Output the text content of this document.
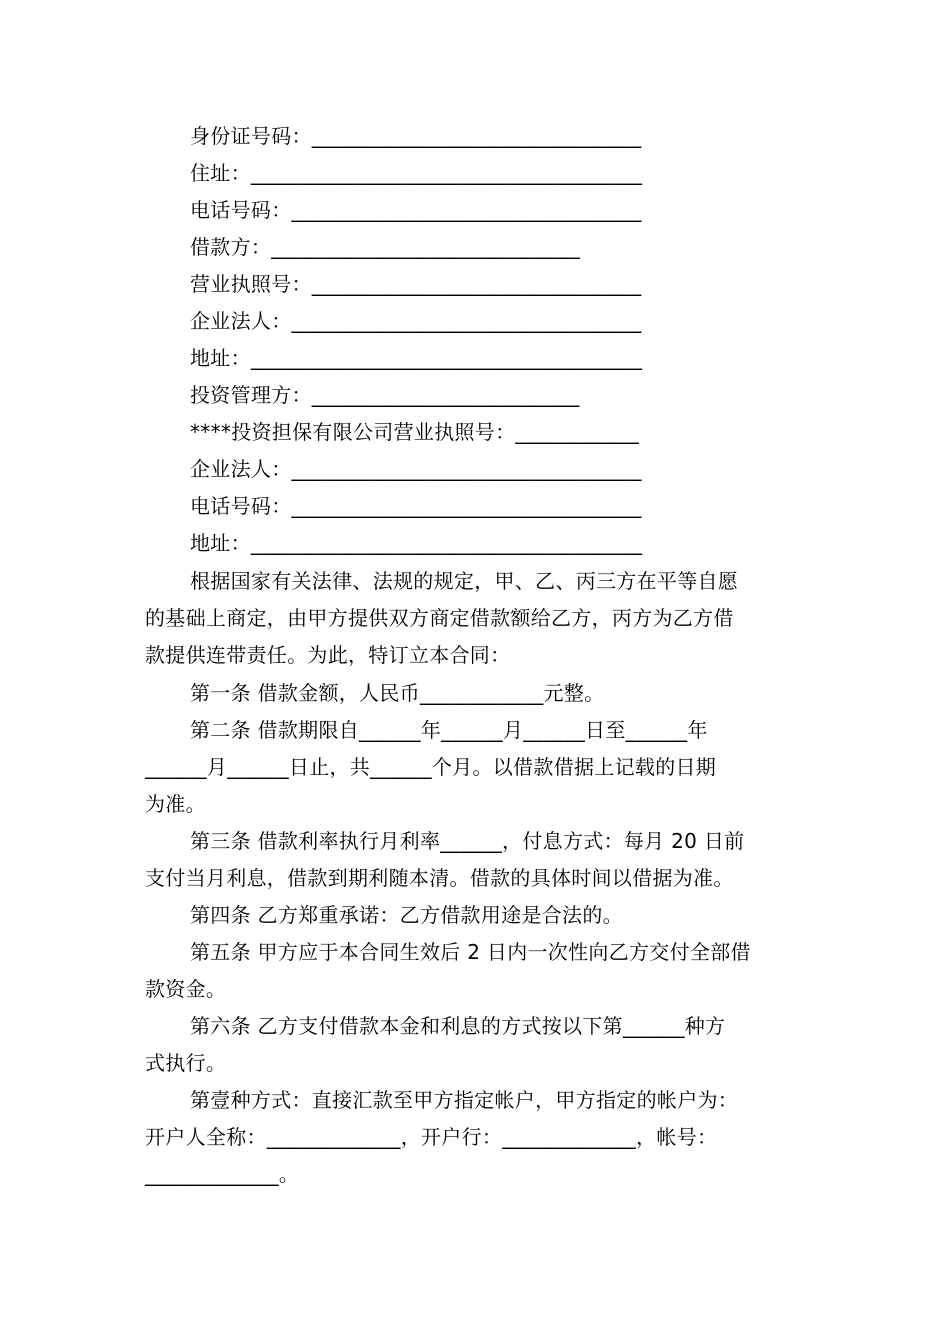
身份证号码：________________________________
住址：______________________________________
电话号码：__________________________________
借款方：______________________________
营业执照号：________________________________
企业法人：__________________________________
地址：______________________________________
投资管理方：__________________________
****投资担保有限公司营业执照号：____________
企业法人：__________________________________
电话号码：__________________________________
地址：______________________________________
根据国家有关法律、法规的规定，甲、乙、丙三方在平等自愿
的基础上商定，由甲方提供双方商定借款额给乙方，丙方为乙方借
款提供连带责任。为此，特订立本合同：
第一条 借款金额，人民币____________元整。
第二条 借款期限自______年______月______日至______年
______月______日止，共______个月。以借款借据上记载的日期
为准。
第三条 借款利率执行月利率______，付息方式：每月 20 日前
支付当月利息，借款到期利随本清。借款的具体时间以借据为准。
第四条 乙方郑重承诺：乙方借款用途是合法的。
第五条 甲方应于本合同生效后 2 日内一次性向乙方交付全部借
款资金。
第六条 乙方支付借款本金和利息的方式按以下第______种方
式执行。
第壹种方式：直接汇款至甲方指定帐户，甲方指定的帐户为：
开户人全称：_____________，开户行：_____________，帐号：
_____________。
